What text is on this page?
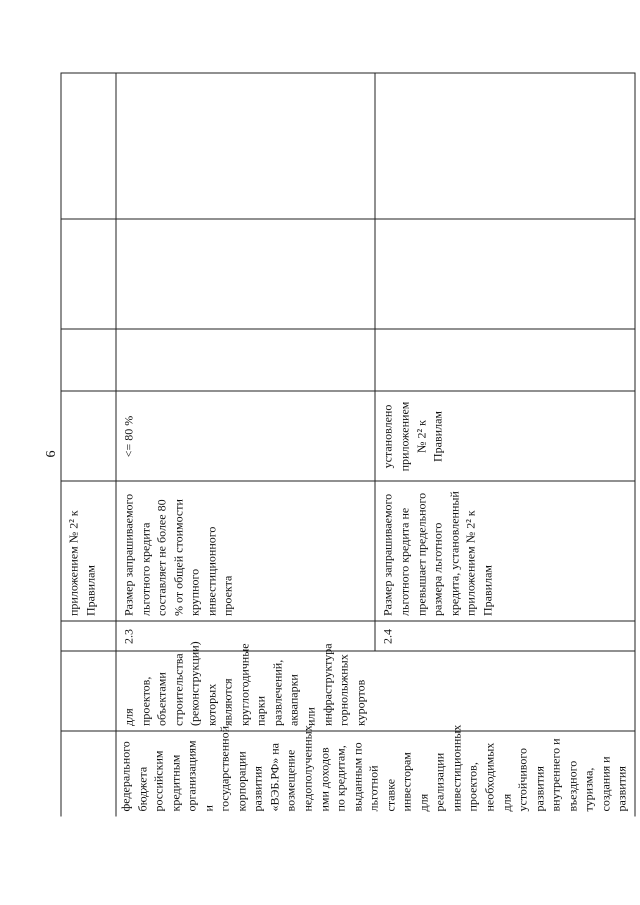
6
			приложением № 2² к Правилам				
федерального бюджета российским кредитным организациям и государственной корпорации развития «ВЭБ.РФ» на возмещение недополученных ими доходов по кредитам, выданным по льготной ставке инвесторам для реализации инвестиционных проектов, необходимых для устойчивого развития внутреннего и въездного туризма, создания и развития	для проектов, объектами строительства (реконструкции) которых являются круглогодичные парки развлечений, аквапарки или инфраструктура горнолыжных курортов	2.3	Размер запрашиваемого льготного кредита составляет не более 80 % от общей стоимости крупного инвестиционного проекта	<= 80 %			
		2.4	Размер запрашиваемого льготного кредита не превышает предельного размера льготного кредита, установленный приложением № 2² к Правилам	установлено приложением № 2² к Правилам			
